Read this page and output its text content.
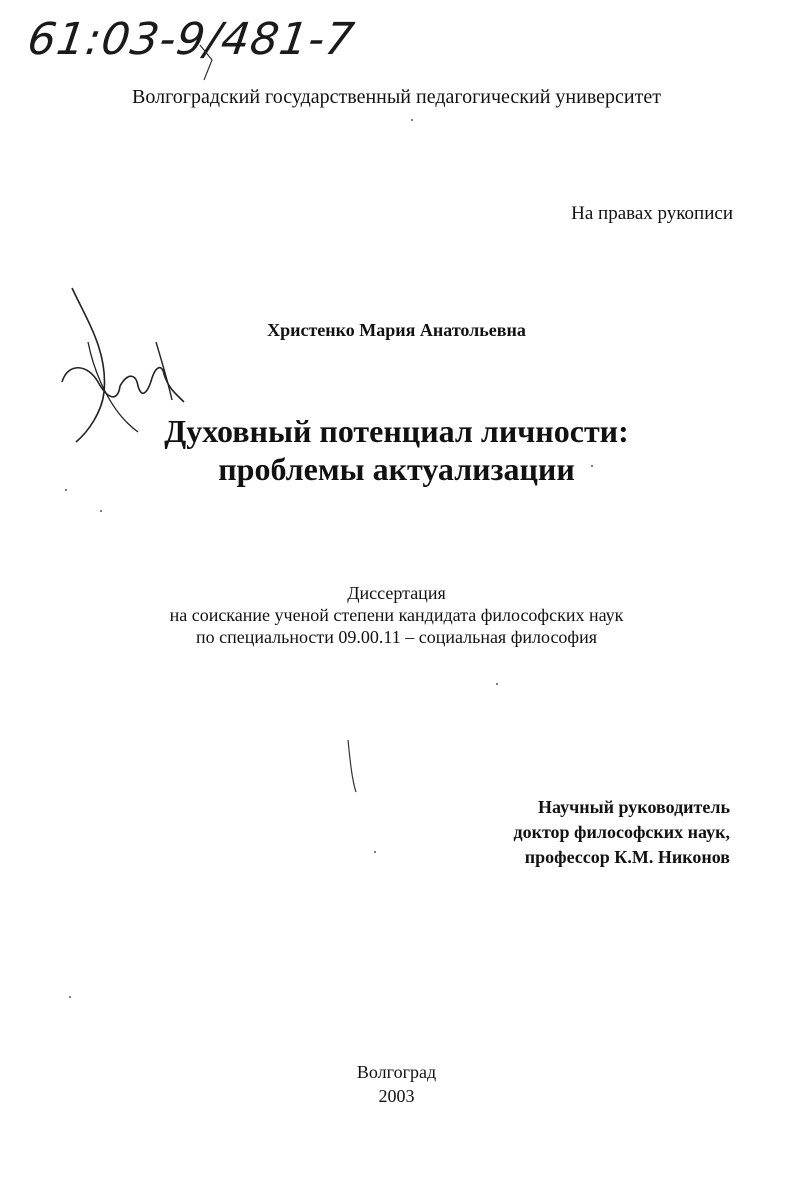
61:03-9/481-7
Волгоградский государственный педагогический университет
На правах рукописи
Христенко Мария Анатольевна
Духовный потенциал личности:
проблемы актуализации
Диссертация
на соискание ученой степени кандидата философских наук
по специальности 09.00.11 – социальная философия
Научный руководитель
доктор философских наук,
профессор К.М. Никонов
Волгоград
2003
